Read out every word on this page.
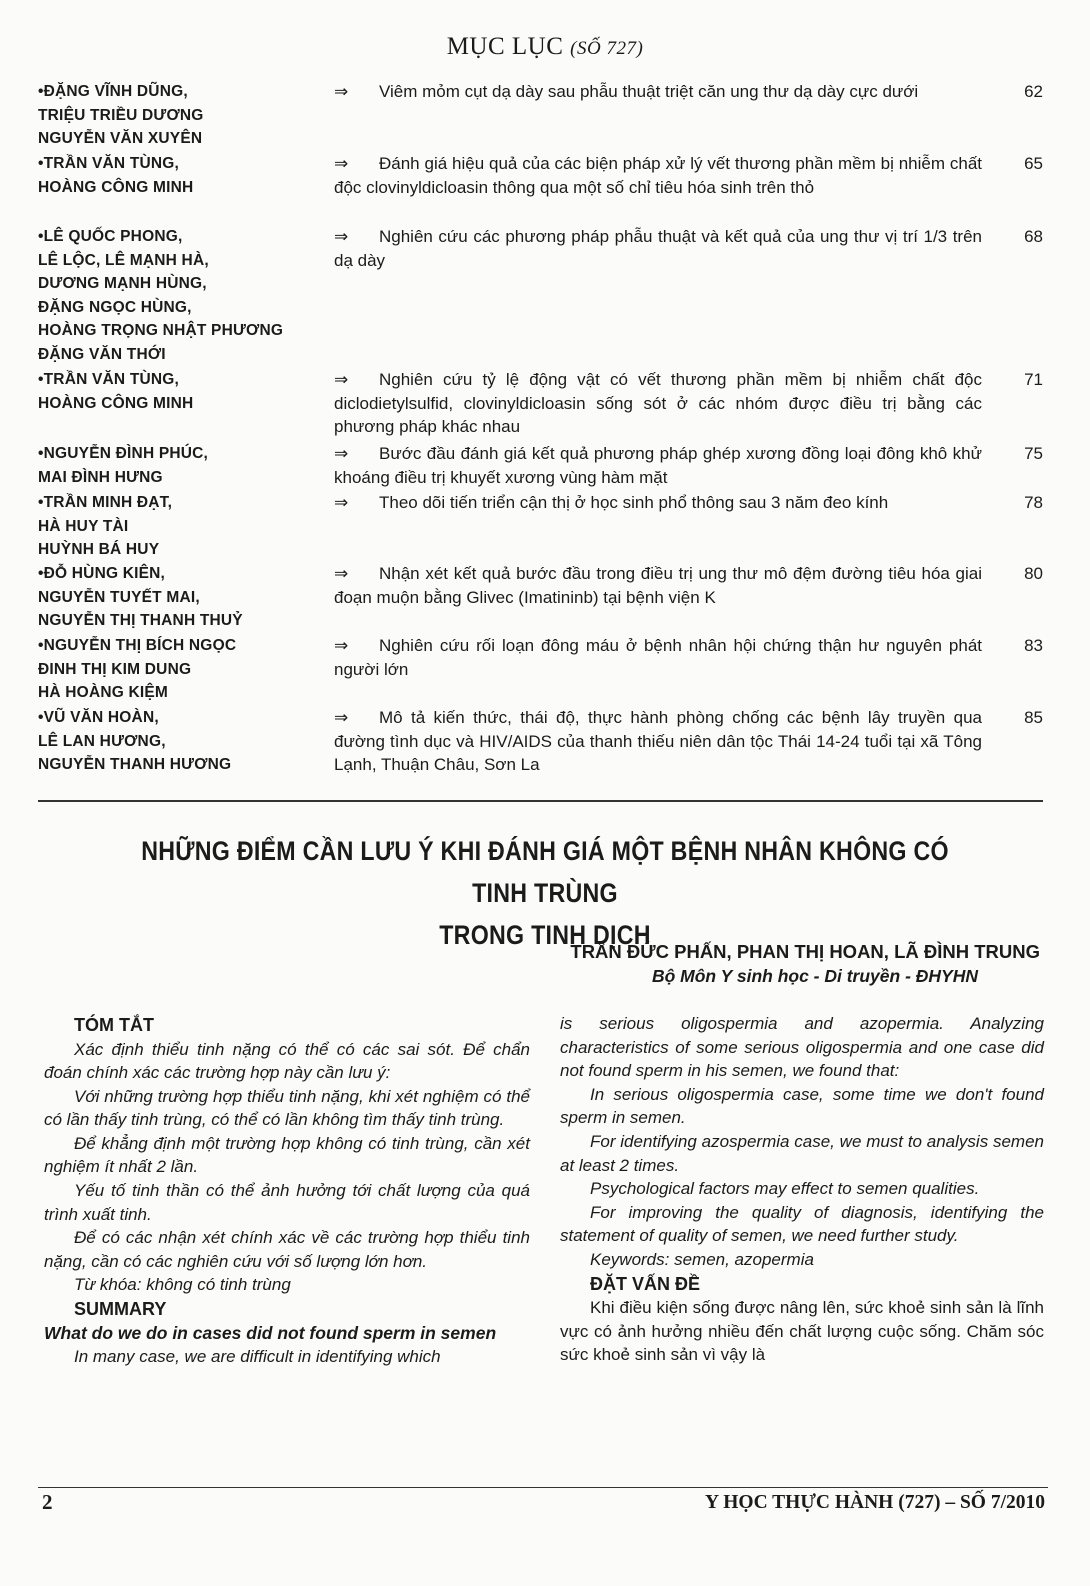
MỤC LỤC (SỐ 727)
•ĐẶNG VĨNH DŨNG,
TRIỆU TRIỀU DƯƠNG
NGUYỄN VĂN XUYÊN
⇒ Viêm mỏm cụt dạ dày sau phẫu thuật triệt căn ung thư dạ dày cực dưới	62
•TRẦN VĂN TÙNG,
HOÀNG CÔNG MINH
⇒ Đánh giá hiệu quả của các biện pháp xử lý vết thương phần mềm bị nhiễm chất độc clovinyldicloasin thông qua một số chỉ tiêu hóa sinh trên thỏ
65
•LÊ QUỐC PHONG,
LÊ LỘC, LÊ MẠNH HÀ,
DƯƠNG MẠNH HÙNG,
ĐẶNG NGỌC HÙNG,
HOÀNG TRỌNG NHẬT PHƯƠNG
ĐẶNG VĂN THỚI
⇒ Nghiên cứu các phương pháp phẫu thuật và kết quả của ung thư vị trí 1/3 trên dạ dày
68
•TRẦN VĂN TÙNG,
HOÀNG CÔNG MINH
⇒ Nghiên cứu tỷ lệ động vật có vết thương phần mềm bị nhiễm chất độc diclodietylsulfid, clovinyldicloasin sống sót ở các nhóm được điều trị bằng các phương pháp khác nhau
71
•NGUYỄN ĐÌNH PHÚC,
MAI ĐÌNH HƯNG
⇒ Bước đầu đánh giá kết quả phương pháp ghép xương đồng loại đông khô khử khoáng điều trị khuyết xương vùng hàm mặt
75
•TRẦN MINH ĐẠT,
HÀ HUY TÀI
HUỲNH BÁ HUY
⇒ Theo dõi tiến triển cận thị ở học sinh phổ thông sau 3 năm đeo kính	78
•ĐỖ HÙNG KIÊN,
NGUYỄN TUYẾT MAI,
NGUYỄN THỊ THANH THUỶ
⇒ Nhận xét kết quả bước đầu trong điều trị ung thư mô đệm đường tiêu hóa giai đoạn muộn bằng Glivec (Imatininb) tại bệnh viện K
80
•NGUYỄN THỊ BÍCH NGỌC
ĐINH THỊ KIM DUNG
HÀ HOÀNG KIỆM
⇒ Nghiên cứu rối loạn đông máu ở bệnh nhân hội chứng thận hư nguyên phát người lớn
83
•VŨ VĂN HOÀN,
LÊ LAN HƯƠNG,
NGUYỄN THANH HƯƠNG
⇒ Mô tả kiến thức, thái độ, thực hành phòng chống các bệnh lây truyền qua đường tình dục và HIV/AIDS của thanh thiếu niên dân tộc Thái 14-24 tuổi tại xã Tông Lạnh, Thuận Châu, Sơn La
85
NHỮNG ĐIỂM CẦN LƯU Ý KHI ĐÁNH GIÁ MỘT BỆNH NHÂN KHÔNG CÓ TINH TRÙNG
TRONG TINH DỊCH
TRẦN ĐỨC PHẤN, PHAN THỊ HOAN, LÃ ĐÌNH TRUNG
Bộ Môn Y sinh học - Di truyền - ĐHYHN
TÓM TẮT

Xác định thiểu tinh nặng có thể có các sai sót. Để chẩn đoán chính xác các trường hợp này cần lưu ý:

Với những trường hợp thiểu tinh nặng, khi xét nghiệm có thể có lần thấy tinh trùng, có thể có lần không tìm thấy tinh trùng.

Để khẳng định một trường hợp không có tinh trùng, cần xét nghiệm ít nhất 2 lần.

Yếu tố tinh thần có thể ảnh hưởng tới chất lượng của quá trình xuất tinh.

Để có các nhận xét chính xác về các trường hợp thiểu tinh nặng, cần có các nghiên cứu với số lượng lớn hơn.

Từ khóa: không có tinh trùng

SUMMARY
What do we do in cases did not found sperm in semen

In many case, we are difficult in identifying which

is serious oligospermia and azopermia. Analyzing characteristics of some serious oligospermia and one case did not found sperm in his semen, we found that:

In serious oligospermia case, some time we don't found sperm in semen.

For identifying azospermia case, we must to analysis semen at least 2 times.

Psychological factors may effect to semen qualities.

For improving the quality of diagnosis, identifying the statement of quality of semen, we need further study.

Keywords: semen, azopermia

ĐẶT VẤN ĐỀ

Khi điều kiện sống được nâng lên, sức khoẻ sinh sản là lĩnh vực có ảnh hưởng nhiều đến chất lượng cuộc sống. Chăm sóc sức khoẻ sinh sản vì vậy là

2	Y HỌC THỰC HÀNH (727) – SỐ 7/2010
